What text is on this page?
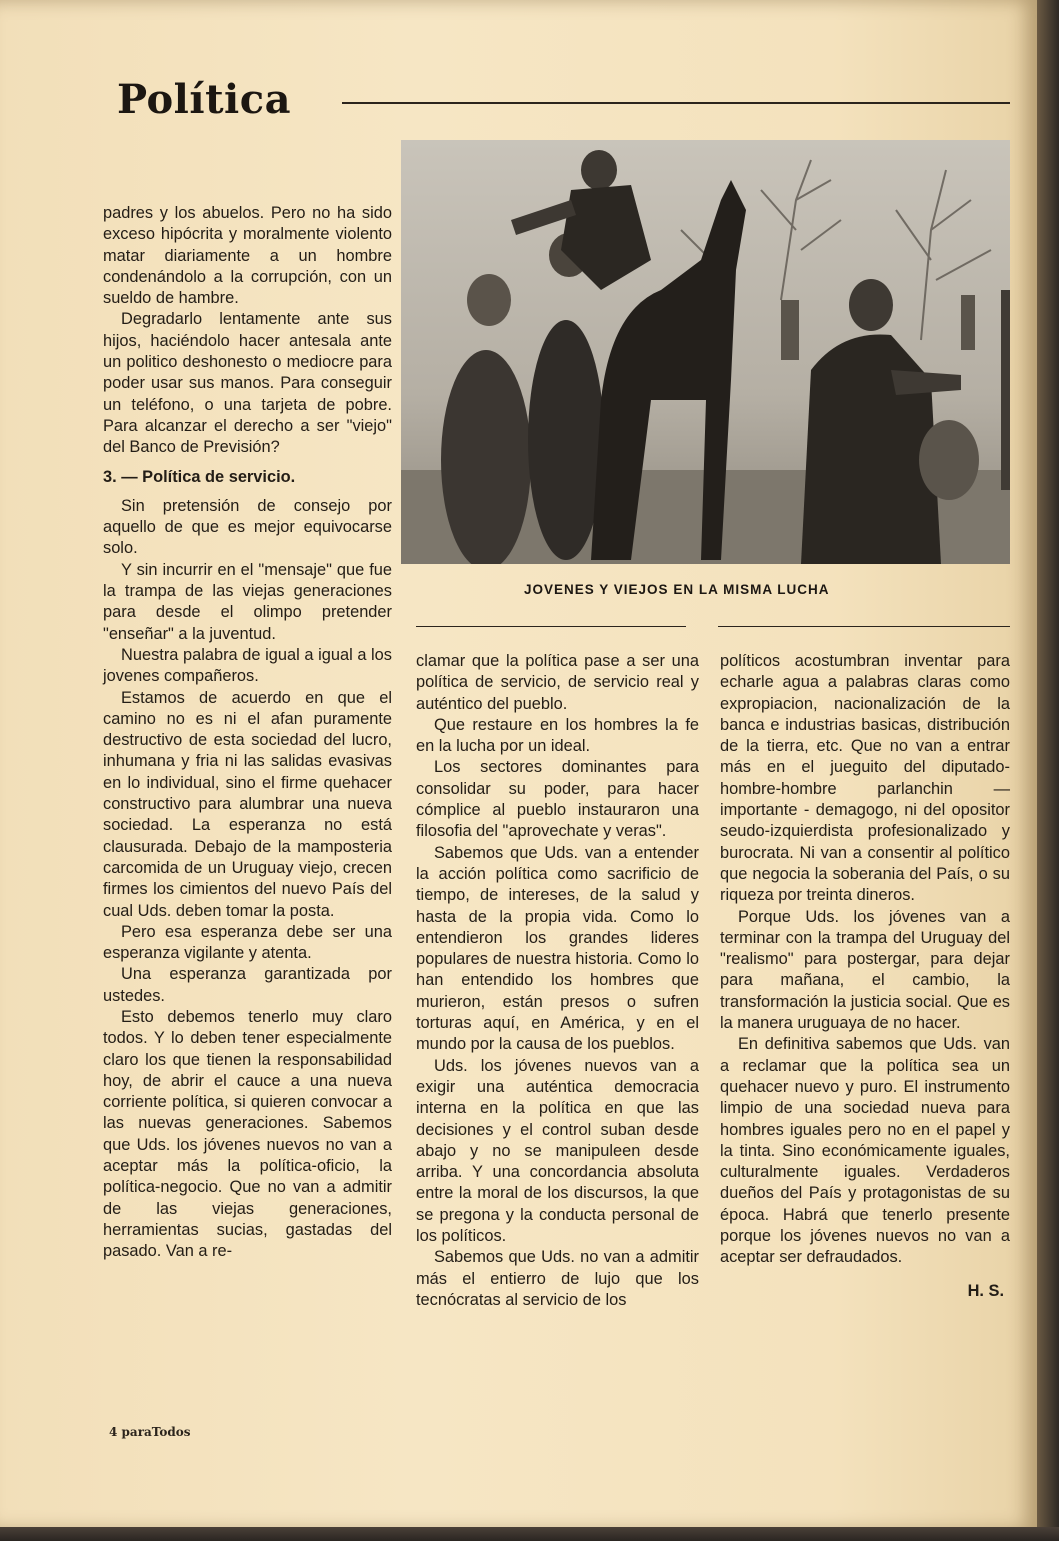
Política
JOVENES Y VIEJOS EN LA MISMA LUCHA

padres y los abuelos. Pero no ha sido exceso hipócrita y moralmente violento matar diariamente a un hombre condenándolo a la corrupción, con un sueldo de hambre.

Degradarlo lentamente ante sus hijos, haciéndolo hacer antesala ante un politico deshonesto o mediocre para poder usar sus manos. Para conseguir un teléfono, o una tarjeta de pobre. Para alcanzar el derecho a ser "viejo" del Banco de Previsión?

3. — Política de servicio.

Sin pretensión de consejo por aquello de que es mejor equivocarse solo.

Y sin incurrir en el "mensaje" que fue la trampa de las viejas generaciones para desde el olimpo pretender "enseñar" a la juventud.

Nuestra palabra de igual a igual a los jovenes compañeros.

Estamos de acuerdo en que el camino no es ni el afan puramente destructivo de esta sociedad del lucro, inhumana y fria ni las salidas evasivas en lo individual, sino el firme quehacer constructivo para alumbrar una nueva sociedad. La esperanza no está clausurada. Debajo de la mamposteria carcomida de un Uruguay viejo, crecen firmes los cimientos del nuevo País del cual Uds. deben tomar la posta.

Pero esa esperanza debe ser una esperanza vigilante y atenta.

Una esperanza garantizada por ustedes.

Esto debemos tenerlo muy claro todos. Y lo deben tener especialmente claro los que tienen la responsabilidad hoy, de abrir el cauce a una nueva corriente política, si quieren convocar a las nuevas generaciones. Sabemos que Uds. los jóvenes nuevos no van a aceptar más la política-oficio, la política-negocio. Que no van a admitir de las viejas generaciones, herramientas sucias, gastadas del pasado. Van a re-

clamar que la política pase a ser una política de servicio, de servicio real y auténtico del pueblo.

Que restaure en los hombres la fe en la lucha por un ideal.

Los sectores dominantes para consolidar su poder, para hacer cómplice al pueblo instauraron una filosofia del "aprovechate y veras".

Sabemos que Uds. van a entender la acción política como sacrificio de tiempo, de intereses, de la salud y hasta de la propia vida. Como lo entendieron los grandes lideres populares de nuestra historia. Como lo han entendido los hombres que murieron, están presos o sufren torturas aquí, en América, y en el mundo por la causa de los pueblos.

Uds. los jóvenes nuevos van a exigir una auténtica democracia interna en la política en que las decisiones y el control suban desde abajo y no se manipuleen desde arriba. Y una concordancia absoluta entre la moral de los discursos, la que se pregona y la conducta personal de los políticos.

Sabemos que Uds. no van a admitir más el entierro de lujo que los tecnócratas al servicio de los

políticos acostumbran inventar para echarle agua a palabras claras como expropiacion, nacionalización de la banca e industrias basicas, distribución de la tierra, etc. Que no van a entrar más en el jueguito del diputado-hombre-hombre parlanchin — importante - demagogo, ni del opositor seudo-izquierdista profesionalizado y burocrata. Ni van a consentir al político que negocia la soberania del País, o su riqueza por treinta dineros.

Porque Uds. los jóvenes van a terminar con la trampa del Uruguay del "realismo" para postergar, para dejar para mañana, el cambio, la transformación la justicia social. Que es la manera uruguaya de no hacer.

En definitiva sabemos que Uds. van a reclamar que la política sea un quehacer nuevo y puro. El instrumento limpio de una sociedad nueva para hombres iguales pero no en el papel y la tinta. Sino económicamente iguales, culturalmente iguales. Verdaderos dueños del País y protagonistas de su época. Habrá que tenerlo presente porque los jóvenes nuevos no van a aceptar ser defraudados.

H. S.
4 paraTodos
